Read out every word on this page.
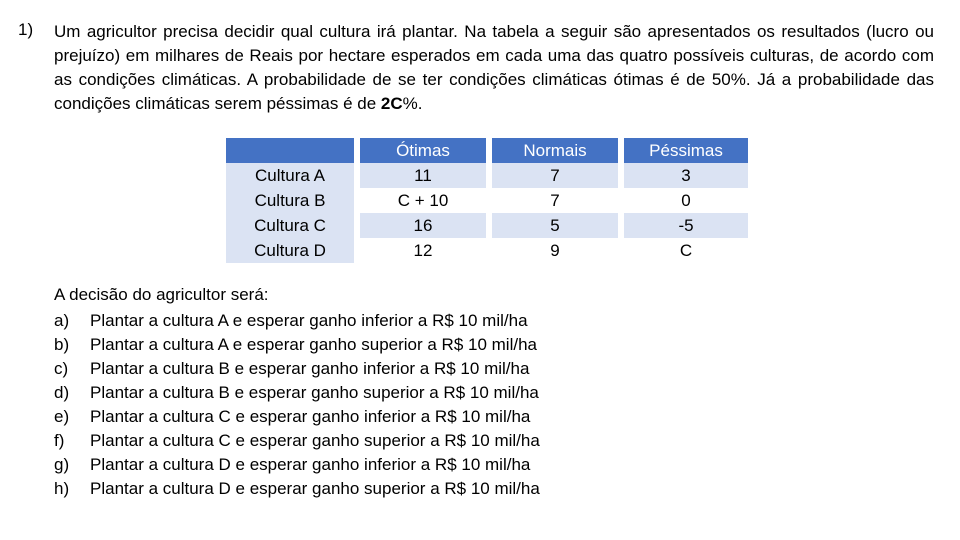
1) Um agricultor precisa decidir qual cultura irá plantar. Na tabela a seguir são apresentados os resultados (lucro ou prejuízo) em milhares de Reais por hectare esperados em cada uma das quatro possíveis culturas, de acordo com as condições climáticas. A probabilidade de se ter condições climáticas ótimas é de 50%. Já a probabilidade das condições climáticas serem péssimas é de 2C%.
		Ótimas		Normais		Péssimas
Cultura A		11		7		3
Cultura B		C + 10		7		0
Cultura C		16		5		-5
Cultura D		12		9		C
A decisão do agricultor será:
a) Plantar a cultura A e esperar ganho inferior a R$ 10 mil/ha
b) Plantar a cultura A e esperar ganho superior a R$ 10 mil/ha
c) Plantar a cultura B e esperar ganho inferior a R$ 10 mil/ha
d) Plantar a cultura B e esperar ganho superior a R$ 10 mil/ha
e) Plantar a cultura C e esperar ganho inferior a R$ 10 mil/ha
f) Plantar a cultura C e esperar ganho superior a R$ 10 mil/ha
g) Plantar a cultura D e esperar ganho inferior a R$ 10 mil/ha
h) Plantar a cultura D e esperar ganho superior a R$ 10 mil/ha
